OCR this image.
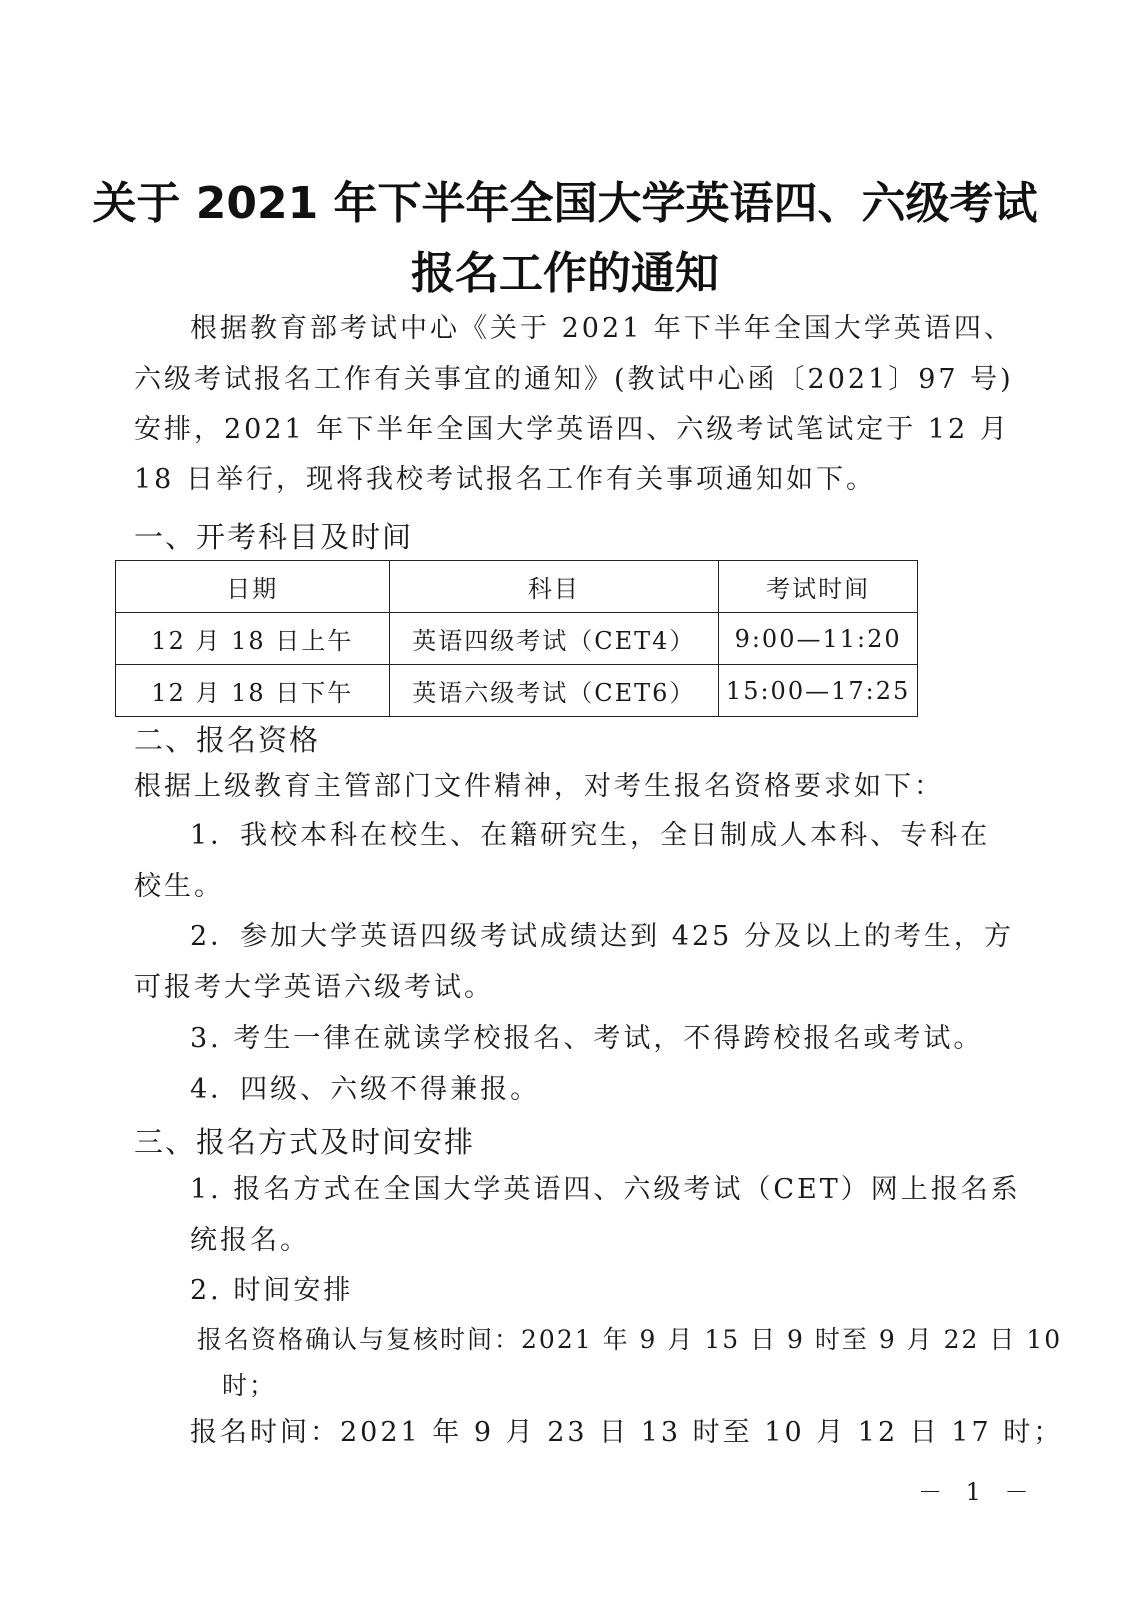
关于 2021 年下半年全国大学英语四、六级考试
报名工作的通知
根据教育部考试中心《关于 2021 年下半年全国大学英语四、
六级考试报名工作有关事宜的通知》(教试中心函〔2021〕97 号)
安排，2021 年下半年全国大学英语四、六级考试笔试定于 12 月
18 日举行，现将我校考试报名工作有关事项通知如下。
一、开考科目及时间
日期	科目	考试时间
12 月 18 日上午	英语四级考试（CET4）	9:00—11:20
12 月 18 日下午	英语六级考试（CET6）	15:00—17:25
二、报名资格
根据上级教育主管部门文件精神，对考生报名资格要求如下：
1．我校本科在校生、在籍研究生，全日制成人本科、专科在
校生。
2．参加大学英语四级考试成绩达到 425 分及以上的考生，方
可报考大学英语六级考试。
3. 考生一律在就读学校报名、考试，不得跨校报名或考试。
4．四级、六级不得兼报。
三、报名方式及时间安排
1. 报名方式在全国大学英语四、六级考试（CET）网上报名系
统报名。
2. 时间安排
报名资格确认与复核时间：2021 年 9 月 15 日 9 时至 9 月 22 日 10
时；
报名时间：2021 年 9 月 23 日 13 时至 10 月 12 日 17 时；
－ 1 －
